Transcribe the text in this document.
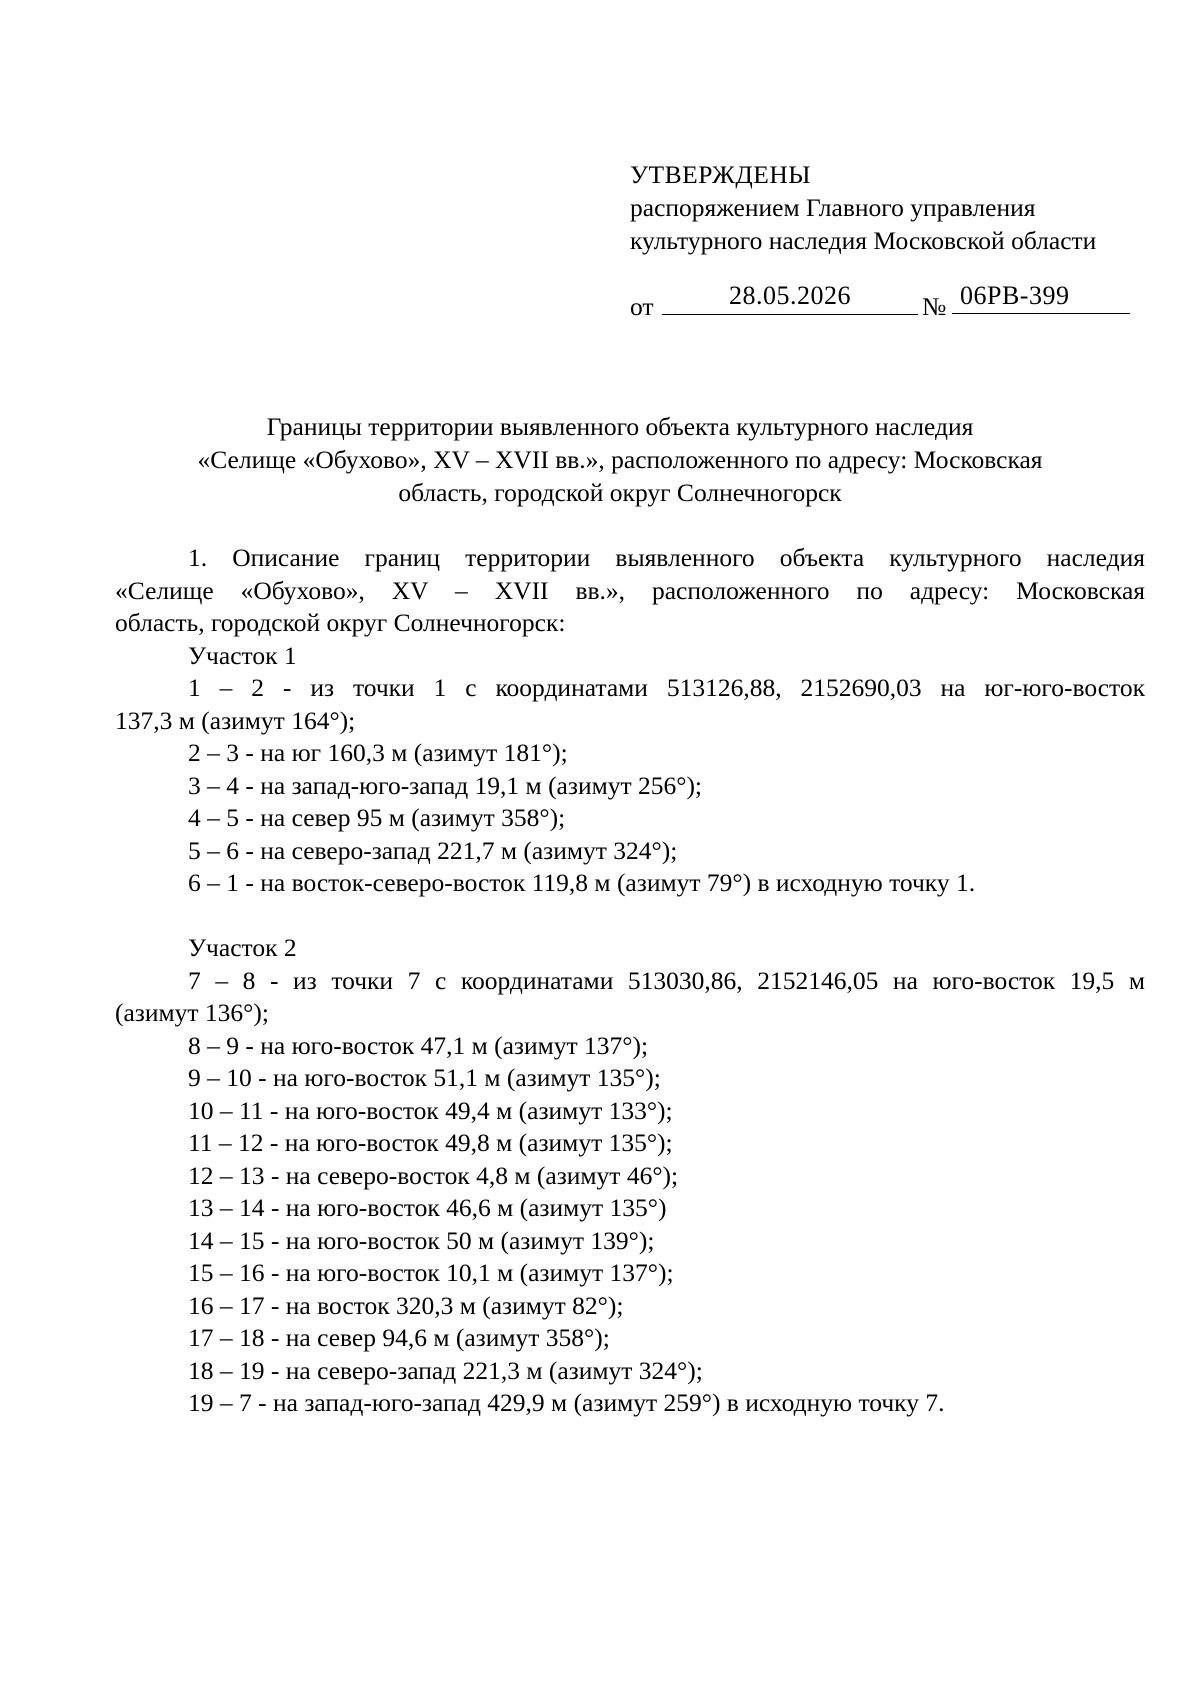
УТВЕРЖДЕНЫ
распоряжением Главного управления
культурного наследия Московской области
от	28.05.2026	№ 06РВ-399
Границы территории выявленного объекта культурного наследия
«Селище «Обухово», XV – XVII вв.», расположенного по адресу: Московская
область, городской округ Солнечногорск
1. Описание границ территории выявленного объекта культурного наследия
«Селище «Обухово», XV – XVII вв.», расположенного по адресу: Московская
область, городской округ Солнечногорск:
Участок 1
1 – 2 - из точки 1 с координатами 513126,88, 2152690,03 на юг-юго-восток
137,3 м (азимут 164°);
2 – 3 - на юг 160,3 м (азимут 181°);
3 – 4 - на запад-юго-запад 19,1 м (азимут 256°);
4 – 5 - на север 95 м (азимут 358°);
5 – 6 - на северо-запад 221,7 м (азимут 324°);
6 – 1 - на восток-северо-восток 119,8 м (азимут 79°) в исходную точку 1.
Участок 2
7 – 8 - из точки 7 с координатами 513030,86, 2152146,05 на юго-восток 19,5 м
(азимут 136°);
8 – 9 - на юго-восток 47,1 м (азимут 137°);
9 – 10 - на юго-восток 51,1 м (азимут 135°);
10 – 11 - на юго-восток 49,4 м (азимут 133°);
11 – 12 - на юго-восток 49,8 м (азимут 135°);
12 – 13 - на северо-восток 4,8 м (азимут 46°);
13 – 14 - на юго-восток 46,6 м (азимут 135°)
14 – 15 - на юго-восток 50 м (азимут 139°);
15 – 16 - на юго-восток 10,1 м (азимут 137°);
16 – 17 - на восток 320,3 м (азимут 82°);
17 – 18 - на север 94,6 м (азимут 358°);
18 – 19 - на северо-запад 221,3 м (азимут 324°);
19 – 7 - на запад-юго-запад 429,9 м (азимут 259°) в исходную точку 7.
